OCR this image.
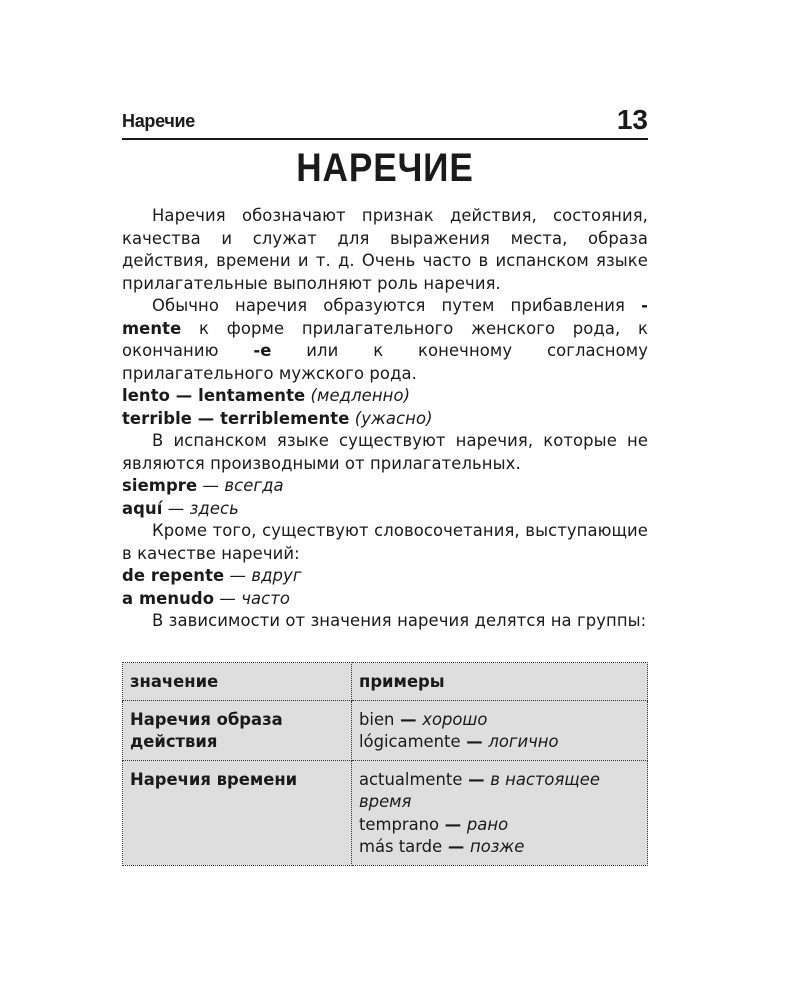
Наречие	13
НАРЕЧИЕ

Наречия обозначают признак действия, состояния, качества и служат для выражения места, образа действия, времени и т. д. Очень часто в испанском языке прилагательные выполняют роль наречия.

Обычно наречия образуются путем прибавления -mente к форме прилагательного женского рода, к окончанию -e или к конечному согласному прилагательного мужского рода.

lento — lentamente (медленно)

terrible — terriblemente (ужасно)

В испанском языке существуют наречия, которые не являются производными от прилагательных.

siempre — всегда

aquí — здесь

Кроме того, существуют словосочетания, выступающие в качестве наречий:

de repente — вдруг

a menudo — часто

В зависимости от значения наречия делятся на группы:

значение	примеры
Наречия образа действия	bien — хорошо
lógicamente — логично

Наречия времени	actualmente — в настоящее время
temprano — рано
más tarde — позже
